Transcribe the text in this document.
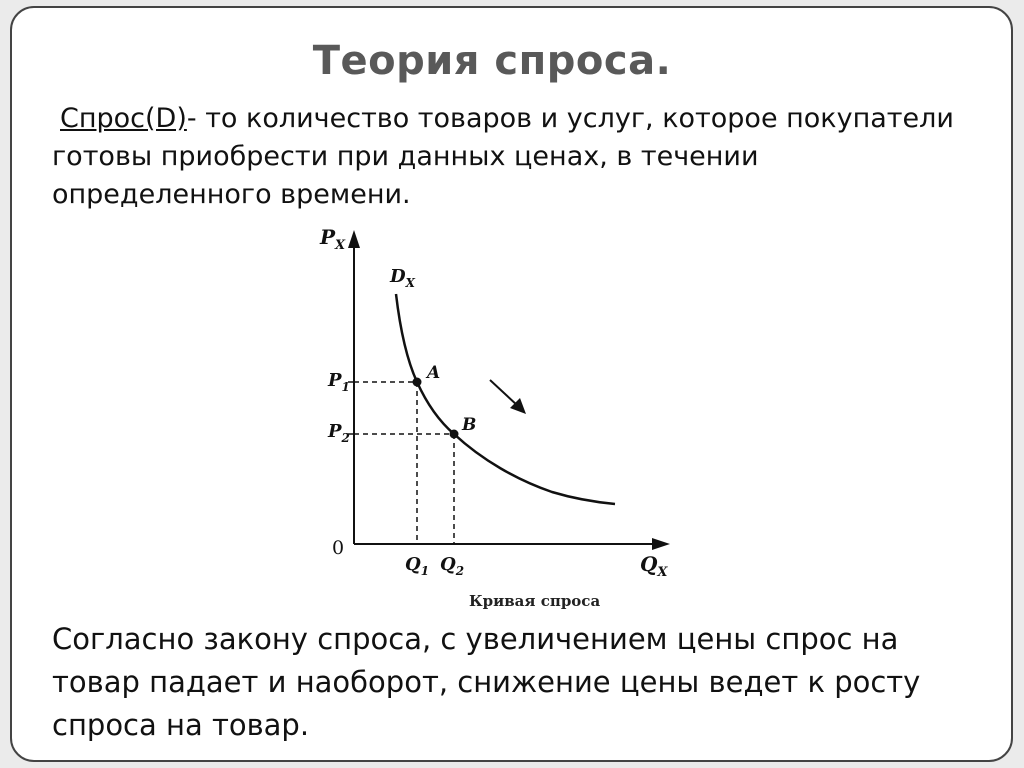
Теория спроса.
Спрос(D)- то количество товаров и услуг, которое покупатели готовы приобрести при данных ценах, в течении определенного времени.
$P_X$
$Q_X$
0
$D_X$
A
B
$P_1$
$P_2$
$Q_1$ $Q_2$
Кривая спроса
Согласно закону спроса, с увеличением цены спрос на товар падает и наоборот, снижение цены ведет к росту спроса на товар.
